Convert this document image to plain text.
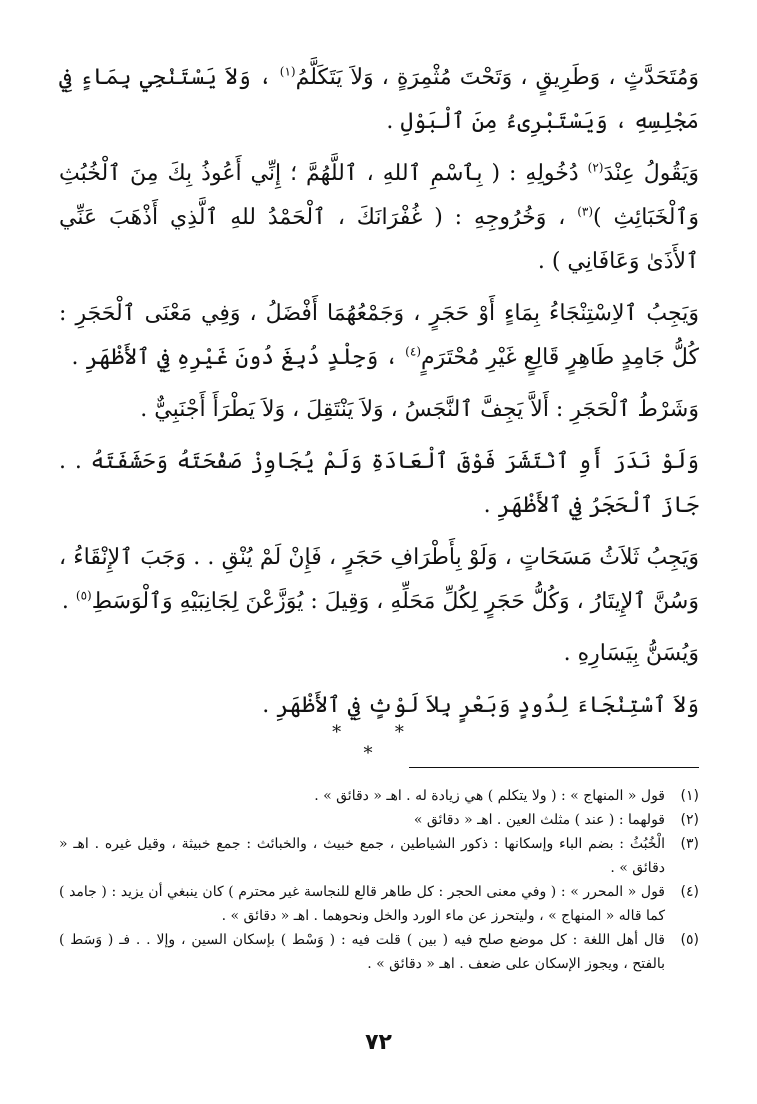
وَمُتَحَدَّثٍ ، وَطَرِيقٍ ، وَتَحْتَ مُثْمِرَةٍ ، وَلاَ يَتَكَلَّمُ$^{(١)}$ ، وَلاَ يَسْتَنْجِي بِمَاءٍ فِي مَجْلِسِهِ ، وَيَسْتَبْرِىءُ مِنَ ٱلْبَوْلِ .

وَيَقُولُ عِنْدَ$^{(٢)}$ دُخُولِهِ : ( بِٱسْمِ ٱللهِ ، ٱللَّهُمَّ ؛ إِنِّي أَعُوذُ بِكَ مِنَ ٱلْخُبُثِ وَٱلْخَبَائِثِ )$^{(٣)}$ ، وَخُرُوجِهِ : ( غُفْرَانَكَ ، ٱلْحَمْدُ للهِ ٱلَّذِي أَذْهَبَ عَنِّي ٱلأَذَىٰ وَعَافَانِي ) .

وَيَجِبُ ٱلاِسْتِنْجَاءُ بِمَاءٍ أَوْ حَجَرٍ ، وَجَمْعُهُمَا أَفْضَلُ ، وَفِي مَعْنَى ٱلْحَجَرِ : كُلُّ جَامِدٍ طَاهِرٍ قَالِعٍ غَيْرِ مُحْتَرَمٍ$^{(٤)}$ ، وَجِلْدٍ دُبِغَ دُونَ غَيْرِهِ فِي ٱلأَظْهَرِ .

وَشَرْطُ ٱلْحَجَرِ : أَلاَّ يَجِفَّ ٱلنَّجَسُ ، وَلاَ يَنْتَقِلَ ، وَلاَ يَطْرَأَ أَجْنَبِيٌّ .

وَلَوْ نَدَرَ أَوِ ٱنْتَشَرَ فَوْقَ ٱلْعَادَةِ وَلَمْ يُجَاوِزْ صَفْحَتَهُ وَحَشَفَتَهُ . . جَازَ ٱلْحَجَرُ فِي ٱلأَظْهَرِ .

وَيَجِبُ ثَلاَثُ مَسَحَاتٍ ، وَلَوْ بِأَطْرَافِ حَجَرٍ ، فَإِنْ لَمْ يُنْقِ . . وَجَبَ ٱلإِنْقَاءُ ، وَسُنَّ ٱلإِيتَارُ ، وَكُلُّ حَجَرٍ لِكُلِّ مَحَلِّهِ ، وَقِيلَ : يُوَزَّعْنَ لِجَانِبَيْهِ وَٱلْوَسَطِ$^{(٥)}$ .

وَيُسَنُّ بِيَسَارِهِ .

وَلاَ ٱسْتِنْجَاءَ لِدُودٍ وَبَعْرٍ بِلاَ لَوْثٍ فِي ٱلأَظْهَرِ .

* * *
(١)
قول « المنهاج » : ( ولا يتكلم ) هي زيادة له . اهـ « دقائق » .
(٢)
قولهما : ( عند ) مثلث العين . اهـ « دقائق »
(٣)
الْخُبُثُ : بضم الباء وإسكانها : ذكور الشياطين ، جمع خبيث ، والخبائث : جمع خبيثة ، وقيل غيره . اهـ « دقائق » .
(٤)
قول « المحرر » : ( وفي معنى الحجر : كل طاهر قالع للنجاسة غير محترم ) كان ينبغي أن يزيد : ( جامد ) كما قاله « المنهاج » ، وليتحرز عن ماء الورد والخل ونحوهما . اهـ « دقائق » .
(٥)
قال أهل اللغة : كل موضع صلح فيه ( بين ) قلت فيه : ( وَسْط ) بإسكان السين ، وإلا . . فـ ( وَسَط ) بالفتح ، ويجوز الإسكان على ضعف . اهـ « دقائق » .
٧٢
